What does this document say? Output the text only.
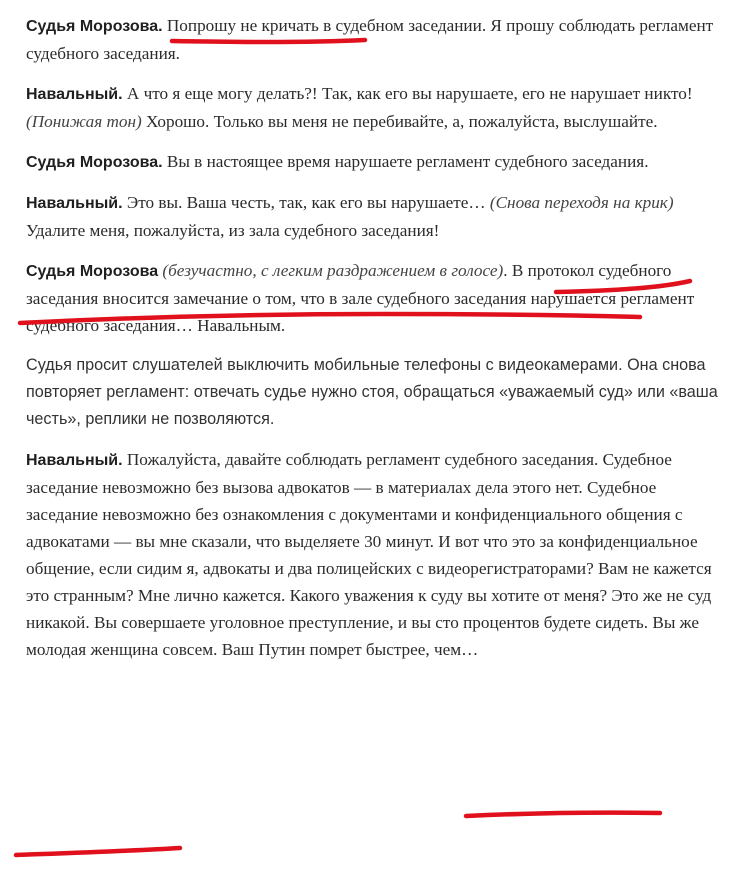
Судья Морозова. Попрошу не кричать в судебном заседании. Я прошу соблюдать регламент судебного заседания.

Навальный. А что я еще могу делать?! Так, как его вы нарушаете, его не нарушает никто! (Понижая тон) Хорошо. Только вы меня не перебивайте, а, пожалуйста, выслушайте.

Судья Морозова. Вы в настоящее время нарушаете регламент судебного заседания.

Навальный. Это вы. Ваша честь, так, как его вы нарушаете… (Снова переходя на крик) Удалите меня, пожалуйста, из зала судебного заседания!

Судья Морозова (безучастно, с легким раздражением в голосе). В протокол судебного заседания вносится замечание о том, что в зале судебного заседания нарушается регламент судебного заседания… Навальным.

Судья просит слушателей выключить мобильные телефоны с видеокамерами. Она снова повторяет регламент: отвечать судье нужно стоя, обращаться «уважаемый суд» или «ваша честь», реплики не позволяются.

Навальный. Пожалуйста, давайте соблюдать регламент судебного заседания. Судебное заседание невозможно без вызова адвокатов — в материалах дела этого нет. Судебное заседание невозможно без ознакомления с документами и конфиденциального общения с адвокатами — вы мне сказали, что выделяете 30 минут. И вот что это за конфиденциальное общение, если сидим я, адвокаты и два полицейских с видеорегистраторами? Вам не кажется это странным? Мне лично кажется. Какого уважения к суду вы хотите от меня? Это же не суд никакой. Вы совершаете уголовное преступление, и вы сто процентов будете сидеть. Вы же молодая женщина совсем. Ваш Путин помрет быстрее, чем…
